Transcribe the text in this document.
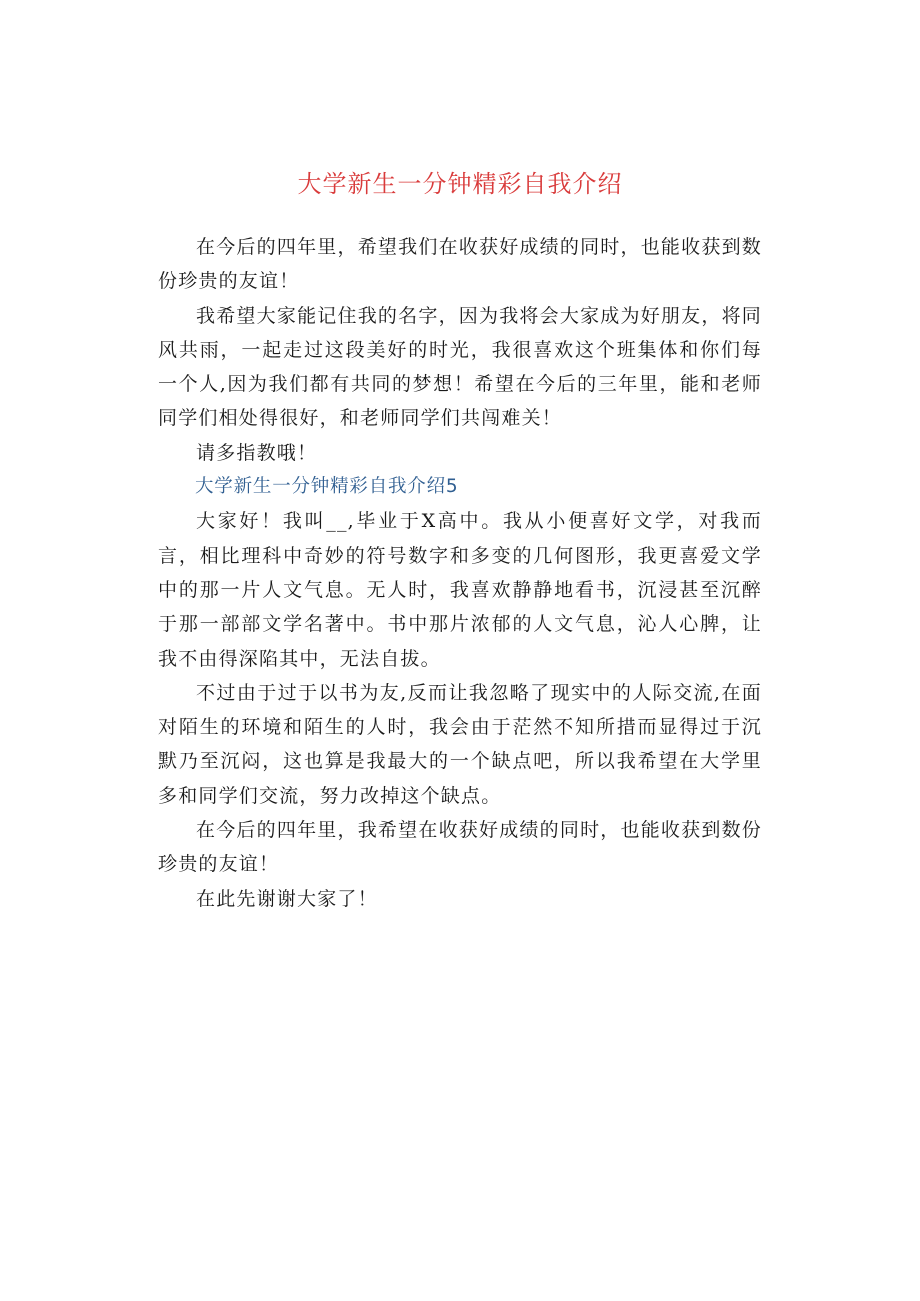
大学新生一分钟精彩自我介绍

在今后的四年里，希望我们在收获好成绩的同时，也能收获到数份珍贵的友谊！

我希望大家能记住我的名字，因为我将会大家成为好朋友，将同风共雨，一起走过这段美好的时光，我很喜欢这个班集体和你们每一个人,因为我们都有共同的梦想！希望在今后的三年里，能和老师同学们相处得很好，和老师同学们共闯难关！

请多指教哦！

大学新生一分钟精彩自我介绍5

大家好！我叫__,毕业于X高中。我从小便喜好文学，对我而言，相比理科中奇妙的符号数字和多变的几何图形，我更喜爱文学中的那一片人文气息。无人时，我喜欢静静地看书，沉浸甚至沉醉于那一部部文学名著中。书中那片浓郁的人文气息，沁人心脾，让我不由得深陷其中，无法自拔。

不过由于过于以书为友,反而让我忽略了现实中的人际交流,在面对陌生的环境和陌生的人时，我会由于茫然不知所措而显得过于沉默乃至沉闷，这也算是我最大的一个缺点吧，所以我希望在大学里多和同学们交流，努力改掉这个缺点。

在今后的四年里，我希望在收获好成绩的同时，也能收获到数份珍贵的友谊！

在此先谢谢大家了！
